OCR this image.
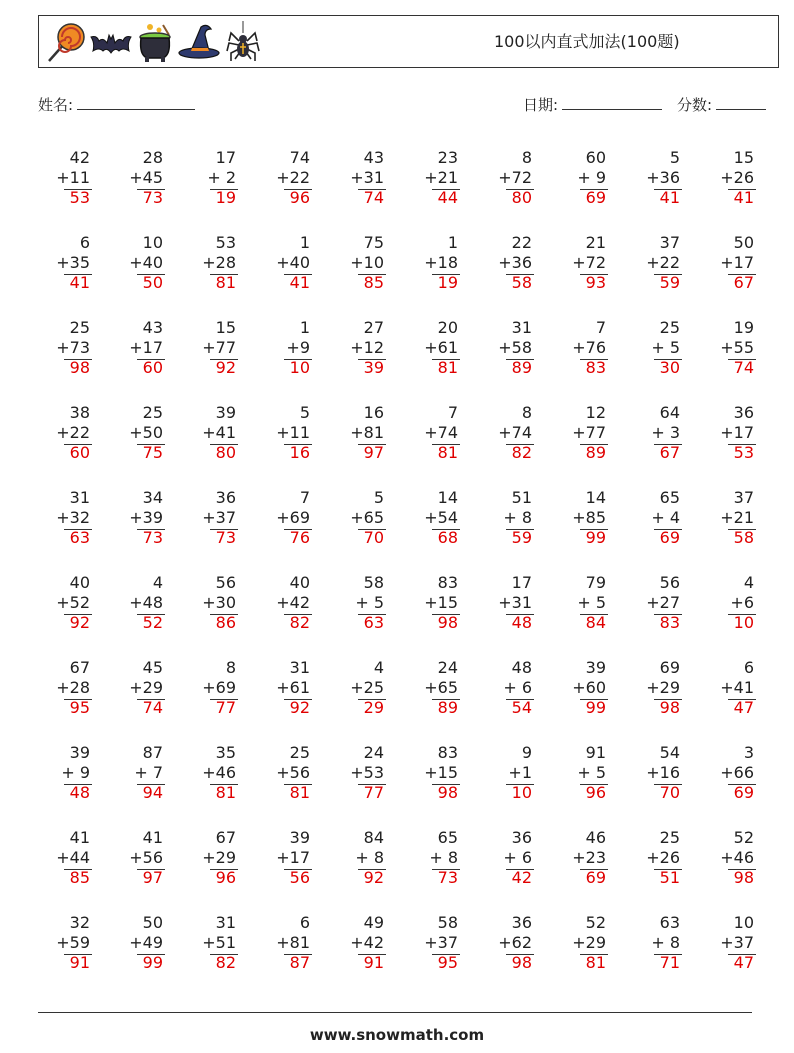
100以内直式加法(100题)
姓名:	日期:	分数:
42
+11
53
28
+45
73
17
+ 2
19
74
+22
96
43
+31
74
23
+21
44
8
+72
80
60
+ 9
69
5
+36
41
15
+26
41
6
+35
41
10
+40
50
53
+28
81
1
+40
41
75
+10
85
1
+18
19
22
+36
58
21
+72
93
37
+22
59
50
+17
67
25
+73
98
43
+17
60
15
+77
92
1
+9
10
27
+12
39
20
+61
81
31
+58
89
7
+76
83
25
+ 5
30
19
+55
74
38
+22
60
25
+50
75
39
+41
80
5
+11
16
16
+81
97
7
+74
81
8
+74
82
12
+77
89
64
+ 3
67
36
+17
53
31
+32
63
34
+39
73
36
+37
73
7
+69
76
5
+65
70
14
+54
68
51
+ 8
59
14
+85
99
65
+ 4
69
37
+21
58
40
+52
92
4
+48
52
56
+30
86
40
+42
82
58
+ 5
63
83
+15
98
17
+31
48
79
+ 5
84
56
+27
83
4
+6
10
67
+28
95
45
+29
74
8
+69
77
31
+61
92
4
+25
29
24
+65
89
48
+ 6
54
39
+60
99
69
+29
98
6
+41
47
39
+ 9
48
87
+ 7
94
35
+46
81
25
+56
81
24
+53
77
83
+15
98
9
+1
10
91
+ 5
96
54
+16
70
3
+66
69
41
+44
85
41
+56
97
67
+29
96
39
+17
56
84
+ 8
92
65
+ 8
73
36
+ 6
42
46
+23
69
25
+26
51
52
+46
98
32
+59
91
50
+49
99
31
+51
82
6
+81
87
49
+42
91
58
+37
95
36
+62
98
52
+29
81
63
+ 8
71
10
+37
47
www.snowmath.com
